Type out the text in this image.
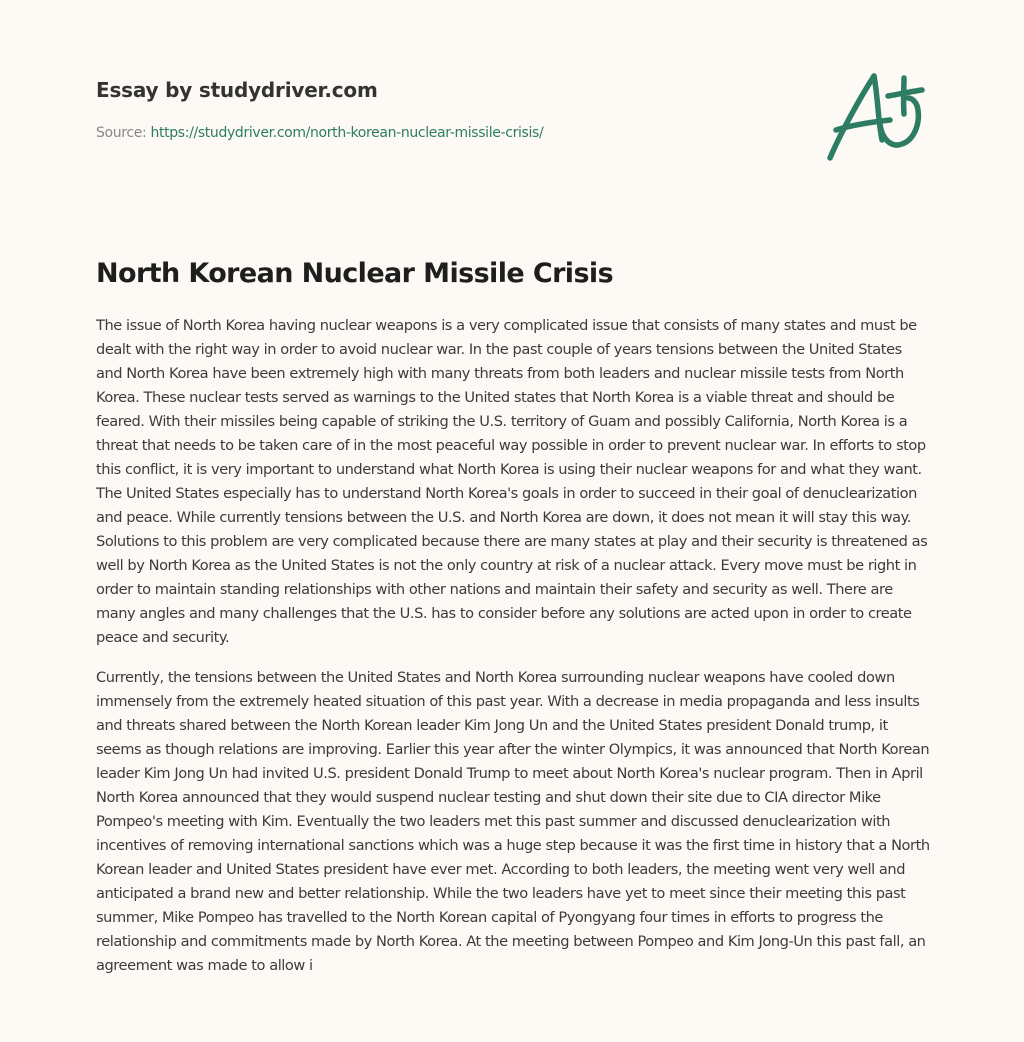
Essay by studydriver.com
Source: https://studydriver.com/north-korean-nuclear-missile-crisis/
North Korean Nuclear Missile Crisis

The issue of North Korea having nuclear weapons is a very complicated issue that consists of many states and must be dealt with the right way in order to avoid nuclear war. In the past couple of years tensions between the United States and North Korea have been extremely high with many threats from both leaders and nuclear missile tests from North Korea. These nuclear tests served as warnings to the United states that North Korea is a viable threat and should be feared. With their missiles being capable of striking the U.S. territory of Guam and possibly California, North Korea is a threat that needs to be taken care of in the most peaceful way possible in order to prevent nuclear war. In efforts to stop this conflict, it is very important to understand what North Korea is using their nuclear weapons for and what they want. The United States especially has to understand North Korea's goals in order to succeed in their goal of denuclearization and peace. While currently tensions between the U.S. and North Korea are down, it does not mean it will stay this way. Solutions to this problem are very complicated because there are many states at play and their security is threatened as well by North Korea as the United States is not the only country at risk of a nuclear attack. Every move must be right in order to maintain standing relationships with other nations and maintain their safety and security as well. There are many angles and many challenges that the U.S. has to consider before any solutions are acted upon in order to create peace and security.

Currently, the tensions between the United States and North Korea surrounding nuclear weapons have cooled down immensely from the extremely heated situation of this past year. With a decrease in media propaganda and less insults and threats shared between the North Korean leader Kim Jong Un and the United States president Donald trump, it seems as though relations are improving. Earlier this year after the winter Olympics, it was announced that North Korean leader Kim Jong Un had invited U.S. president Donald Trump to meet about North Korea's nuclear program. Then in April North Korea announced that they would suspend nuclear testing and shut down their site due to CIA director Mike Pompeo's meeting with Kim. Eventually the two leaders met this past summer and discussed denuclearization with incentives of removing international sanctions which was a huge step because it was the first time in history that a North Korean leader and United States president have ever met. According to both leaders, the meeting went very well and anticipated a brand new and better relationship. While the two leaders have yet to meet since their meeting this past summer, Mike Pompeo has travelled to the North Korean capital of Pyongyang four times in efforts to progress the relationship and commitments made by North Korea. At the meeting between Pompeo and Kim Jong-Un this past fall, an agreement was made to allow i
